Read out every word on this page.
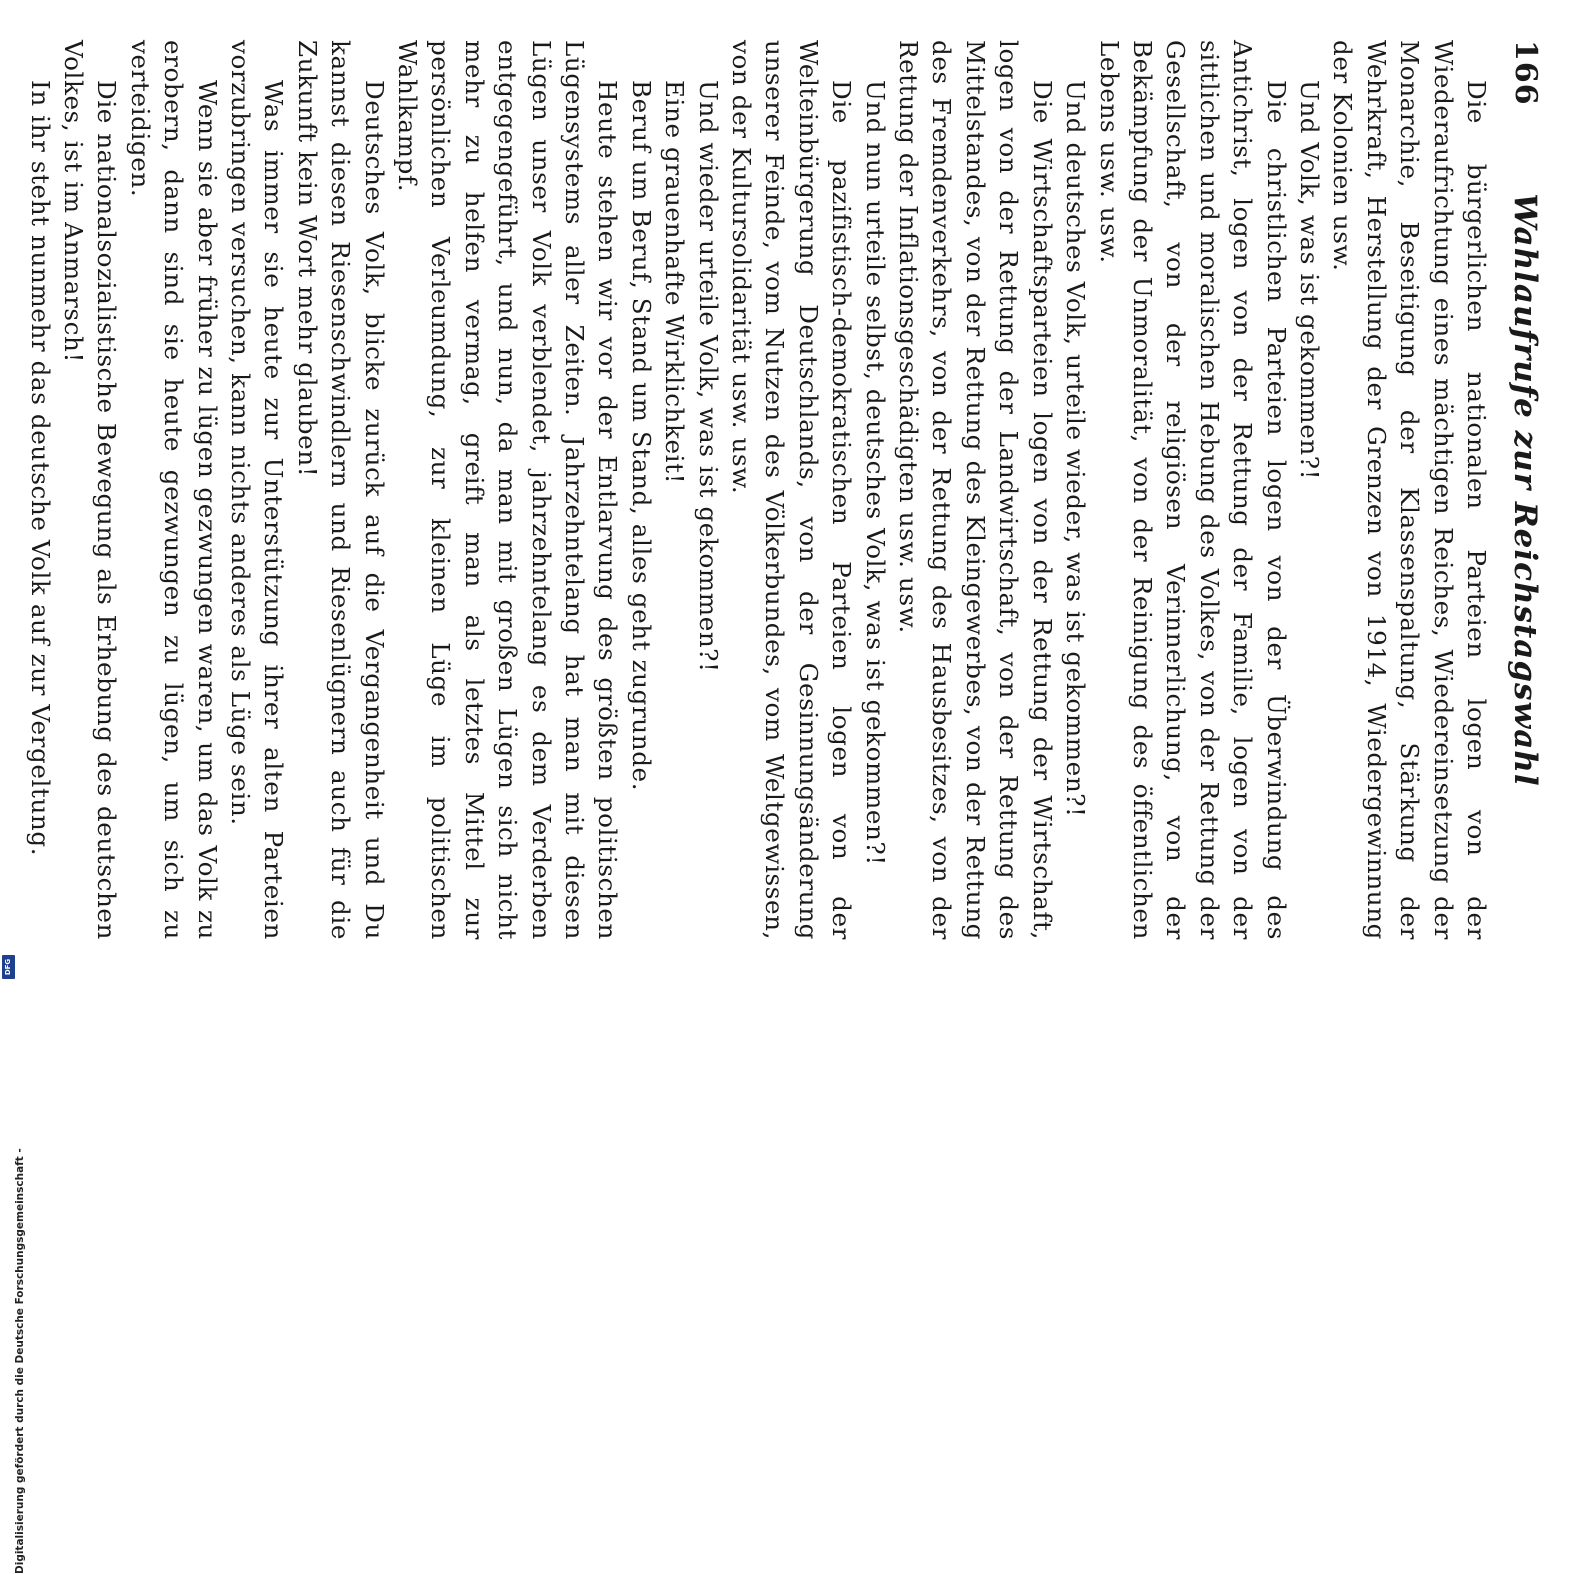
166
Wahlaufrufe zur Reichstagswahl

Die bürgerlichen nationalen Parteien logen von der Wiederaufrichtung eines mächtigen Reiches, Wiedereinsetzung der Monarchie, Beseitigung der Klassenspaltung, Stärkung der Wehrkraft, Herstellung der Grenzen von 1914, Wiedergewinnung der Kolonien usw.

Und Volk, was ist gekommen?!

Die christlichen Parteien logen von der Überwindung des Antichrist, logen von der Rettung der Familie, logen von der sittlichen und moralischen Hebung des Volkes, von der Rettung der Gesellschaft, von der religiösen Verinnerlichung, von der Bekämpfung der Unmoralität, von der Reinigung des öffentlichen Lebens usw. usw.

Und deutsches Volk, urteile wieder, was ist gekommen?!

Die Wirtschaftsparteien logen von der Rettung der Wirtschaft, logen von der Rettung der Landwirtschaft, von der Rettung des Mittelstandes, von der Rettung des Kleingewerbes, von der Rettung des Fremdenverkehrs, von der Rettung des Hausbesitzes, von der Rettung der Inflationsgeschädigten usw. usw.

Und nun urteile selbst, deutsches Volk, was ist gekommen?!

Die pazifistisch-demokratischen Parteien logen von der Welteinbürgerung Deutschlands, von der Gesinnungsänderung unserer Feinde, vom Nutzen des Völkerbundes, vom Weltgewissen, von der Kultursolidarität usw. usw.

Und wieder urteile Volk, was ist gekommen?!

Eine grauenhafte Wirklichkeit!

Beruf um Beruf, Stand um Stand, alles geht zugrunde.

Heute stehen wir vor der Entlarvung des größten politischen Lügensystems aller Zeiten. Jahrzehntelang hat man mit diesen Lügen unser Volk verblendet, jahrzehntelang es dem Verderben entgegengeführt, und nun, da man mit großen Lügen sich nicht mehr zu helfen vermag, greift man als letztes Mittel zur persönlichen Verleumdung, zur kleinen Lüge im politischen Wahlkampf.

Deutsches Volk, blicke zurück auf die Vergangenheit und Du kannst diesen Riesenschwindlern und Riesenlügnern auch für die Zukunft kein Wort mehr glauben!

Was immer sie heute zur Unterstützung ihrer alten Parteien vorzubringen versuchen, kann nichts anderes als Lüge sein.

Wenn sie aber früher zu lügen gezwungen waren, um das Volk zu erobern, dann sind sie heute gezwungen zu lügen, um sich zu verteidigen.

Die nationalsozialistische Bewegung als Erhebung des deutschen Volkes, ist im Anmarsch!

In ihr steht nunmehr das deutsche Volk auf zur Vergeltung.

Digitalisierung gefördert durch die Deutsche Forschungsgemeinschaft -
DFG
